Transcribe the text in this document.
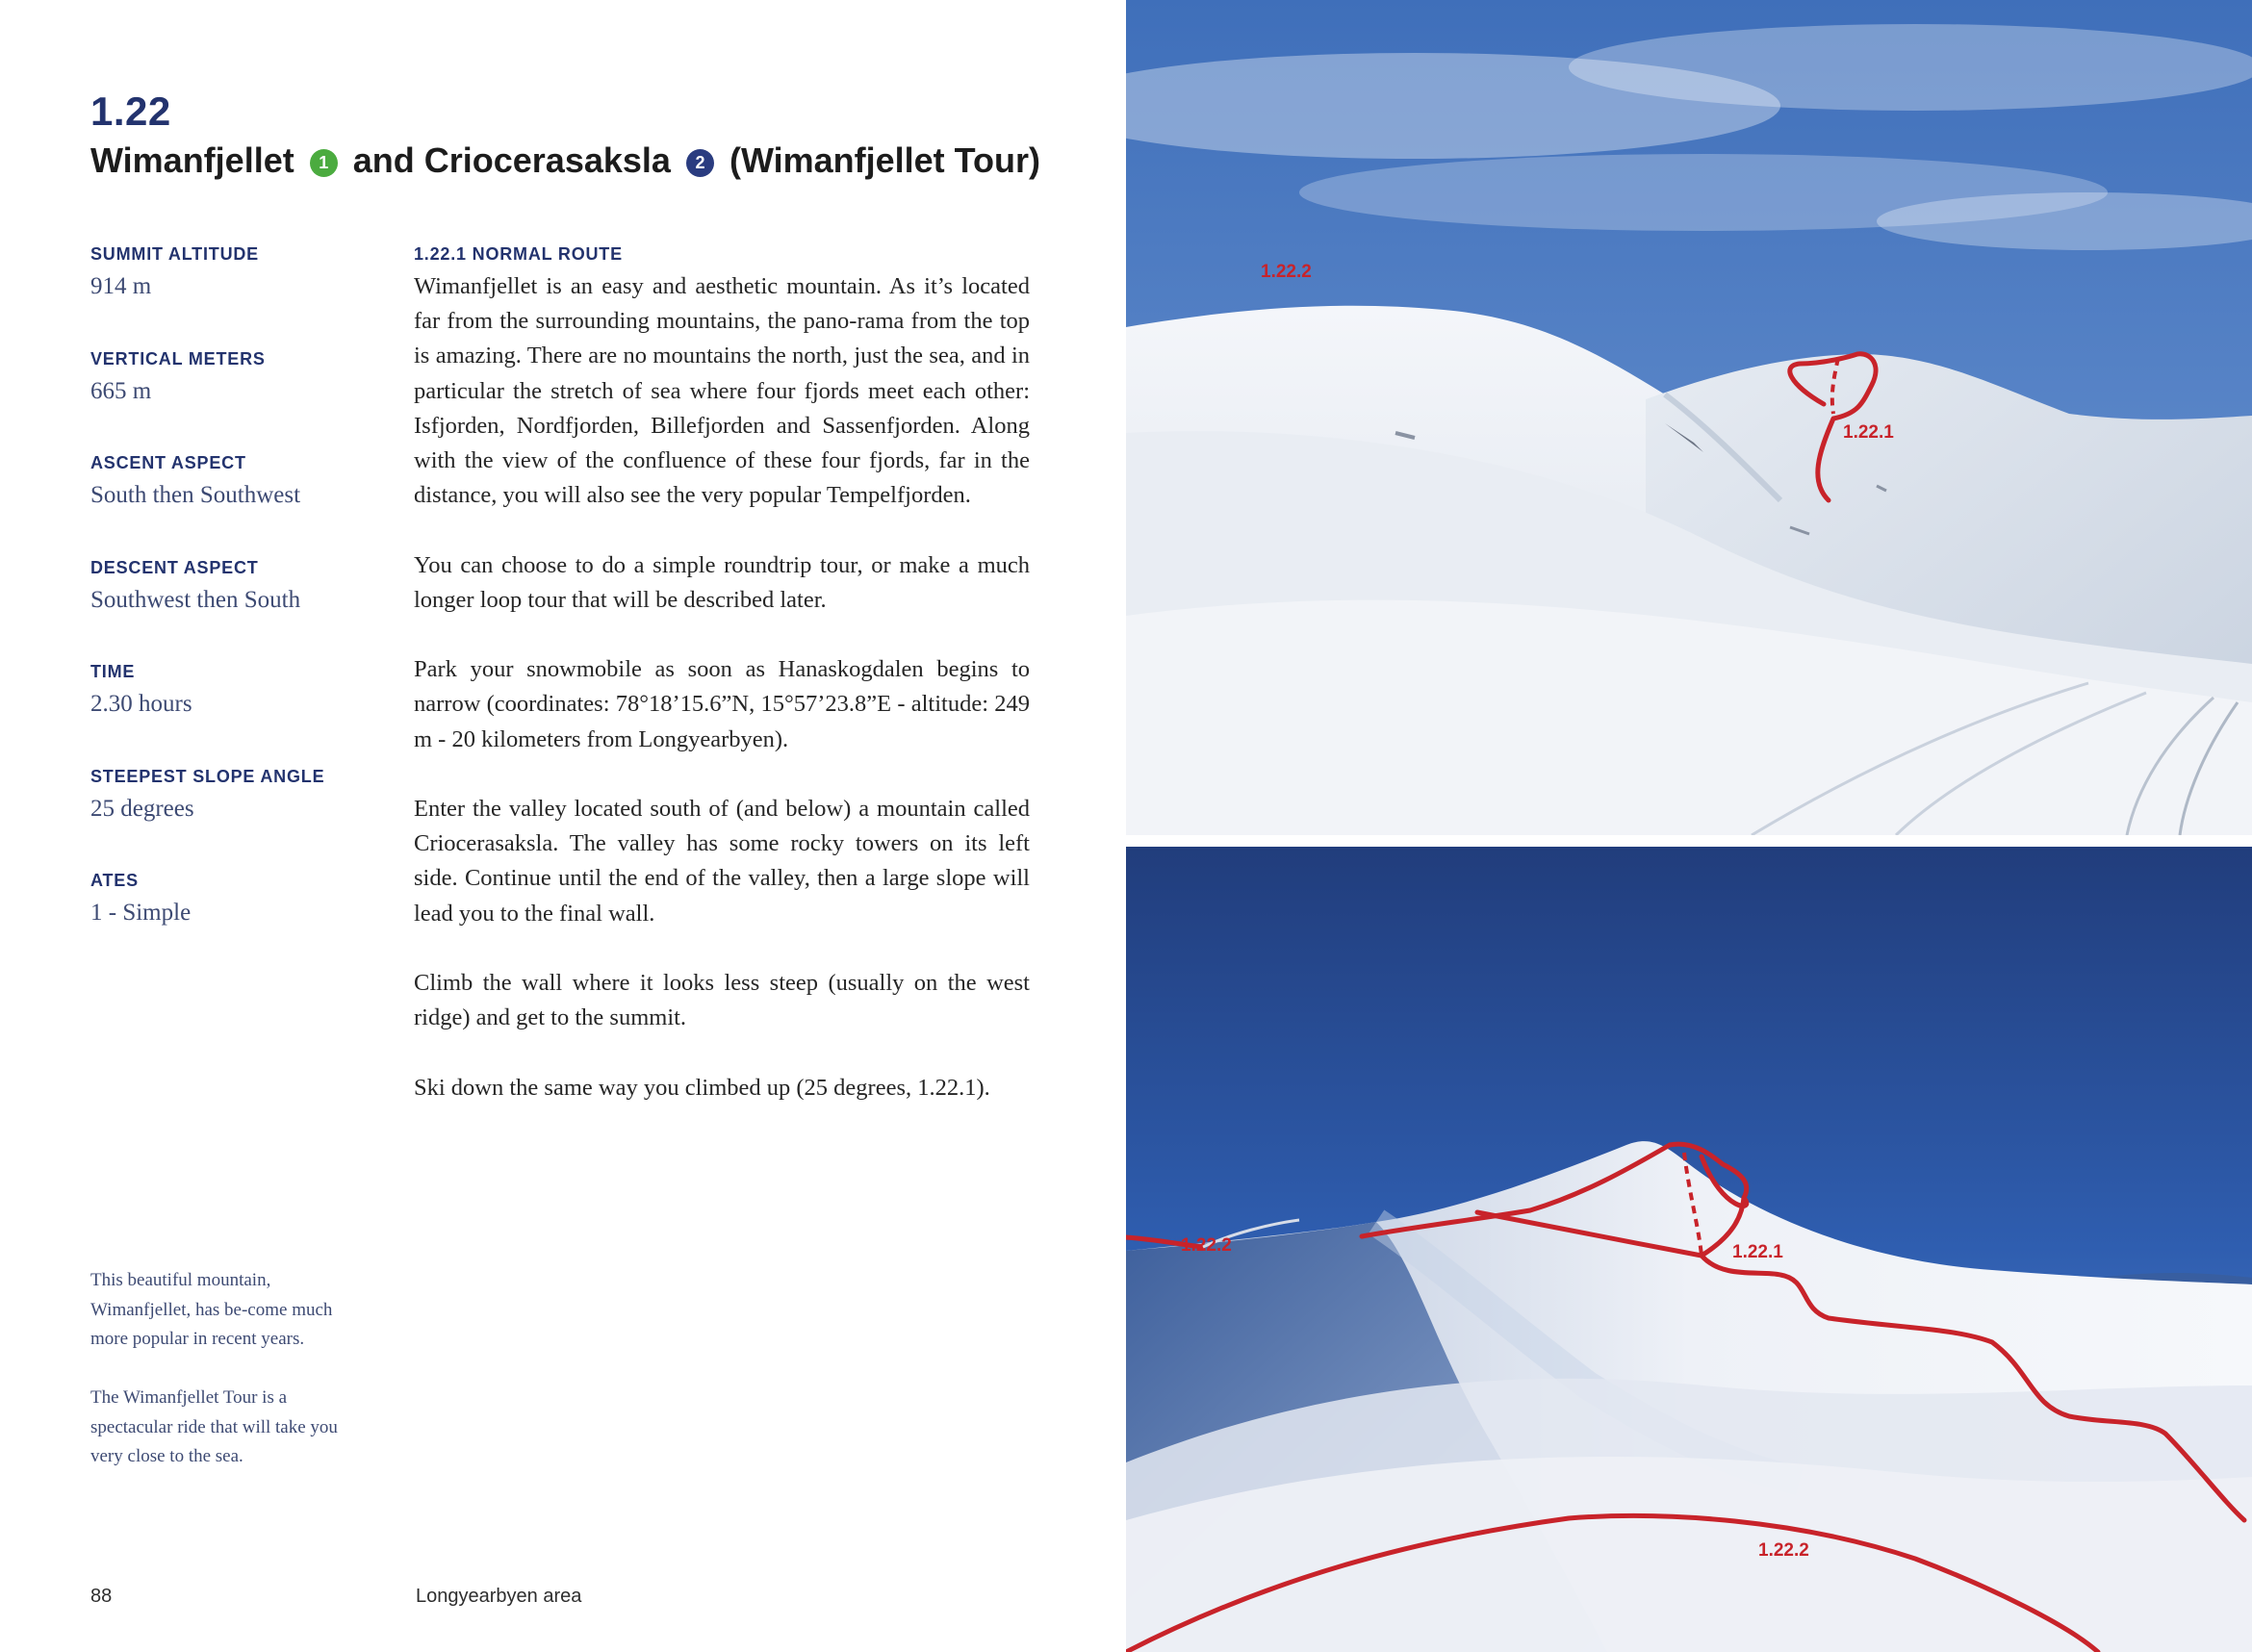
1.22
Wimanfjellet 1 and Criocerasaksla 2 (Wimanfjellet Tour)
SUMMIT ALTITUDE
914 m
VERTICAL METERS
665 m
ASCENT ASPECT
South then Southwest
DESCENT ASPECT
Southwest then South
TIME
2.30 hours
STEEPEST SLOPE ANGLE
25 degrees
ATES
1 - Simple
1.22.1 NORMAL ROUTE

Wimanfjellet is an easy and aesthetic mountain. As it’s located far from the surrounding mountains, the pano-rama from the top is amazing. There are no mountains the north, just the sea, and in particular the stretch of sea where four fjords meet each other: Isfjorden, Nordfjorden, Billefjorden and Sassenfjorden. Along with the view of the confluence of these four fjords, far in the distance, you will also see the very popular Tempelfjorden.

You can choose to do a simple roundtrip tour, or make a much longer loop tour that will be described later.

Park your snowmobile as soon as Hanaskogdalen begins to narrow (coordinates: 78°18’15.6”N, 15°57’23.8”E - altitude: 249 m - 20 kilometers from Longyearbyen).

Enter the valley located south of (and below) a mountain called Criocerasaksla. The valley has some rocky towers on its left side. Continue until the end of the valley, then a large slope will lead you to the final wall.

Climb the wall where it looks less steep (usually on the west ridge) and get to the summit.

Ski down the same way you climbed up (25 degrees, 1.22.1).

This beautiful mountain, Wimanfjellet, has be-come much more popular in recent years.

The Wimanfjellet Tour is a spectacular ride that will take you very close to the sea.

88	Longyearbyen area
1.22.2
1.22.1
1.22.2	1.22.1
1.22.2
